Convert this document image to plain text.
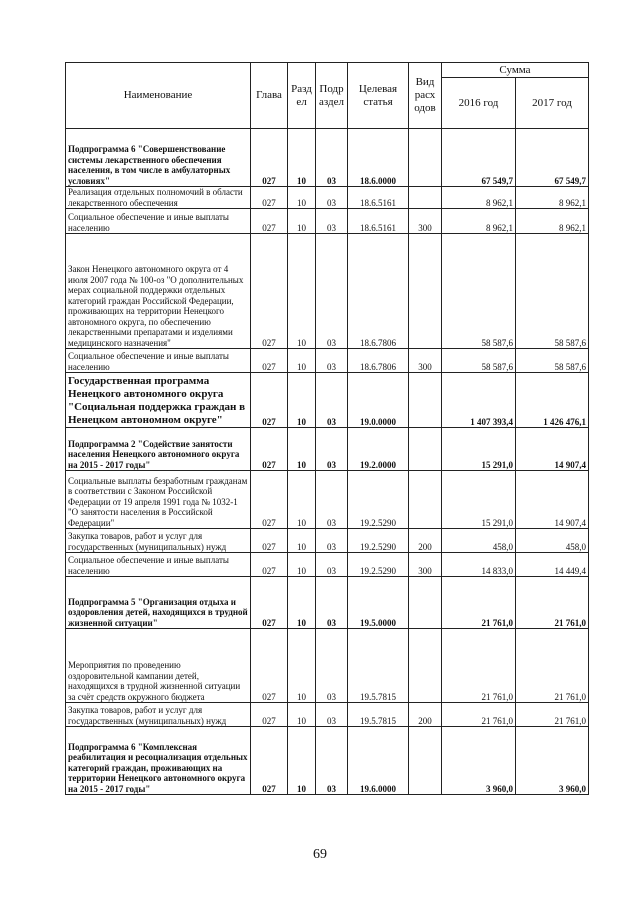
Наименование	Глава	Разд ел	Подр аздел	Целевая статья	Вид расх одов	Сумма	
						2016 год	2017 год
Подпрограмма 6 "Совершенствование системы лекарственного обеспечения населения, в том числе в амбулаторных условиях"	027	10	03	18.6.0000		67 549,7	67 549,7
Реализация отдельных полномочий в области лекарственного обеспечения	027	10	03	18.6.5161		8 962,1	8 962,1
Социальное обеспечение и иные выплаты населению	027	10	03	18.6.5161	300	8 962,1	8 962,1
Закон Ненецкого автономного округа от 4 июля 2007 года № 100-оз "О дополнительных мерах социальной поддержки отдельных категорий граждан Российской Федерации, проживающих на территории Ненецкого автономного округа, по обеспечению лекарственными препаратами и изделиями медицинского назначения"	027	10	03	18.6.7806		58 587,6	58 587,6
Социальное обеспечение и иные выплаты населению	027	10	03	18.6.7806	300	58 587,6	58 587,6
Государственная программа Ненецкого автономного округа "Социальная поддержка граждан в Ненецком автономном округе"	027	10	03	19.0.0000		1 407 393,4	1 426 476,1
Подпрограмма 2 "Содействие занятости населения Ненецкого автономного округа на 2015 - 2017 годы"	027	10	03	19.2.0000		15 291,0	14 907,4
Социальные выплаты безработным гражданам в соответствии с Законом Российской Федерации от 19 апреля 1991 года № 1032-1 "О занятости населения в Российской Федерации"	027	10	03	19.2.5290		15 291,0	14 907,4
Закупка товаров, работ и услуг для государственных (муниципальных) нужд	027	10	03	19.2.5290	200	458,0	458,0
Социальное обеспечение и иные выплаты населению	027	10	03	19.2.5290	300	14 833,0	14 449,4
Подпрограмма 5 "Организация отдыха и оздоровления детей, находящихся в трудной жизненной ситуации"	027	10	03	19.5.0000		21 761,0	21 761,0
Мероприятия по проведению оздоровительной кампании детей, находящихся в трудной жизненной ситуации за счёт средств окружного бюджета	027	10	03	19.5.7815		21 761,0	21 761,0
Закупка товаров, работ и услуг для государственных (муниципальных) нужд	027	10	03	19.5.7815	200	21 761,0	21 761,0
Подпрограмма 6 "Комплексная реабилитация и ресоциализация отдельных категорий граждан, проживающих на территории Ненецкого автономного округа на 2015 - 2017 годы"	027	10	03	19.6.0000		3 960,0	3 960,0
69
